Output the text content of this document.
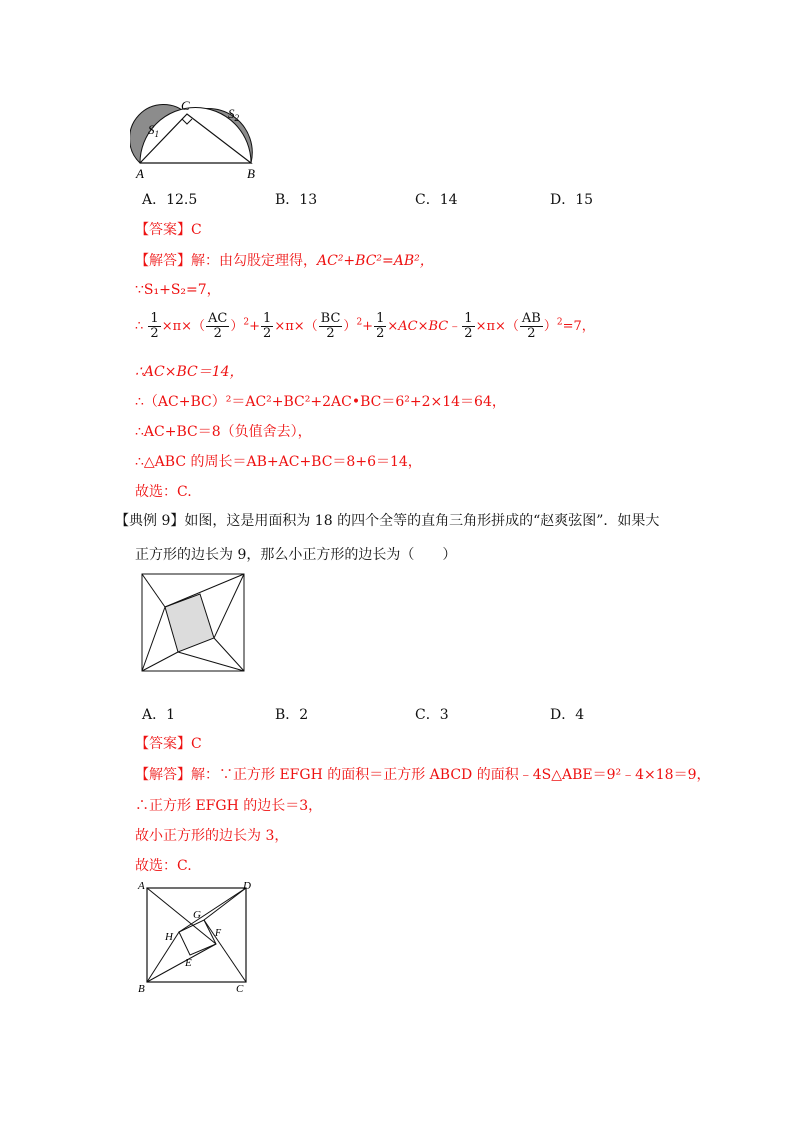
C
$S_1$
$S_2$
A	B
A．12.5	B．13	C．14	D．15
【答案】C
【解答】解：由勾股定理得，AC²+BC²=AB²，
∵S₁+S₂=7，
∴ $\frac{1}{2} \times\pi\times( \frac{AC}{2} )^2+ \frac{1}{2} \times\pi\times( \frac{BC}{2} )^2+ \frac{1}{2}$ ×AC×BC﹣ $\frac{1}{2} \times\pi\times( \frac{AB}{2} )^2=7$，
∴AC×BC＝14，
∴（AC+BC）²＝AC²+BC²+2AC•BC＝6²+2×14＝64，
∴AC+BC＝8（负值舍去），
∴△ABC 的周长＝AB+AC+BC＝8+6＝14，
故选：C.
【典例 9】如图，这是用面积为 18 的四个全等的直角三角形拼成的“赵爽弦图”．如果大
正方形的边长为 9，那么小正方形的边长为（　　）
A．1	B．2	C．3	D．4
【答案】C
【解答】解：∵正方形 EFGH 的面积＝正方形 ABCD 的面积﹣4S△ABE＝9²﹣4×18＝9，
∴正方形 EFGH 的边长＝3，
故小正方形的边长为 3，
故选：C.
A	D
B	C
G
H	F
E
